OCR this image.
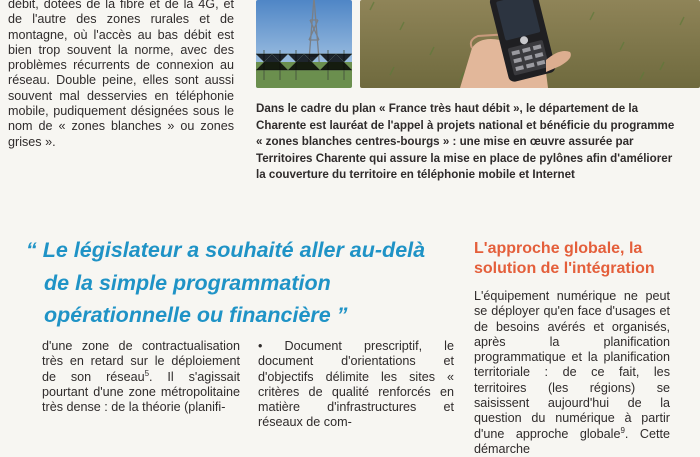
débit, dotées de la fibre et de la 4G, et de l'autre des zones rurales et de montagne, où l'accès au bas débit est bien trop souvent la norme, avec des problèmes récurrents de connexion au réseau. Double peine, elles sont aussi souvent mal desservies en téléphonie mobile, pudiquement désignées sous le nom de « zones blanches » ou zones grises ».

Dans le cadre du plan « France très haut débit », le département de la Charente est lauréat de l'appel à projets national et bénéficie du programme « zones blanches centres-bourgs » : une mise en œuvre assurée par Territoires Charente qui assure la mise en place de pylônes afin d'améliorer la couverture du territoire en téléphonie mobile et Internet
“ Le législateur a souhaité aller au-delà
de la simple programmation
opérationnelle ou financière ”
L'approche globale, la
solution de l'intégration

d'une zone de contractualisation très en retard sur le déploiement de son réseau$^5$. Il s'agissait pourtant d'une zone métropolitaine très dense : de la théorie (planifi-

• Document prescriptif, le document d'orientations et d'objectifs délimite les sites « critères de qualité renforcés en matière d'infrastructures et réseaux de com-

L'équipement numérique ne peut se déployer qu'en face d'usages et de besoins avérés et organisés, après la planification programmatique et la planification territoriale : de ce fait, les territoires (les régions) se saisissent aujourd'hui de la question du numérique à partir d'une approche globale$^9$. Cette démarche
